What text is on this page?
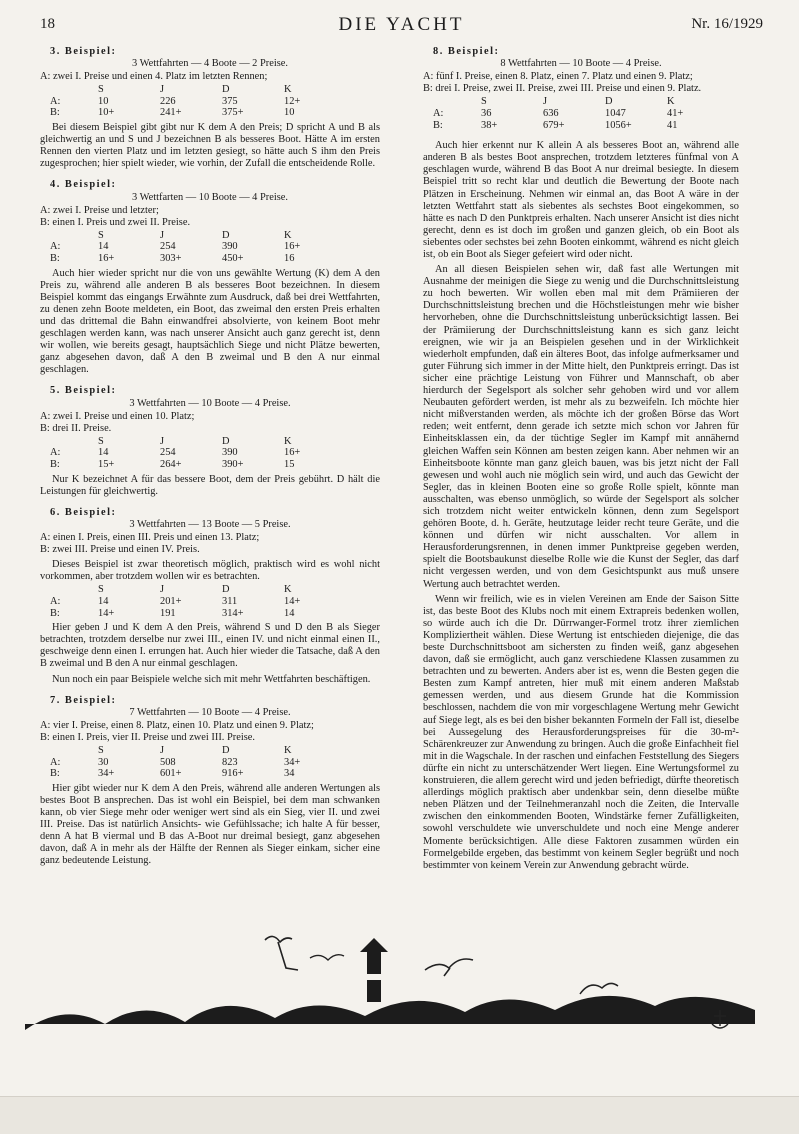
18	DIE YACHT	Nr. 16/1929
3. Beispiel:
3 Wettfahrten — 4 Boote — 2 Preise.
A: zwei I. Preise und einen 4. Platz im letzten Rennen;
	S	J	D	K
A:	10	226	375	12+
B:	10+	241+	375+	10

Bei diesem Beispiel gibt gibt nur K dem A den Preis; D spricht A und B als gleichwertig an und S und J bezeichnen B als besseres Boot. Hätte A im ersten Rennen den vierten Platz und im letzten gesiegt, so hätte auch S ihm den Preis zugesprochen; hier spielt wieder, wie vorhin, der Zufall die entscheidende Rolle.

4. Beispiel:
3 Wettfarten — 10 Boote — 4 Preise.
A: zwei I. Preise und letzter;
B: einen I. Preis und zwei II. Preise.
	S	J	D	K
A:	14	254	390	16+
B:	16+	303+	450+	16

Auch hier wieder spricht nur die von uns gewählte Wertung (K) dem A den Preis zu, während alle anderen B als besseres Boot bezeichnen. In diesem Beispiel kommt das eingangs Erwähnte zum Ausdruck, daß bei drei Wettfahrten, zu denen zehn Boote meldeten, ein Boot, das zweimal den ersten Preis erhalten und das drittemal die Bahn einwandfrei absolvierte, von keinem Boot mehr geschlagen werden kann, was nach unserer Ansicht auch ganz gerecht ist, denn wir wollen, wie bereits gesagt, hauptsächlich Siege und nicht Plätze bewerten, ganz abgesehen davon, daß A den B zweimal und B den A nur einmal geschlagen.

5. Beispiel:
3 Wettfahrten — 10 Boote — 4 Preise.
A: zwei I. Preise und einen 10. Platz;
B: drei II. Preise.
	S	J	D	K
A:	14	254	390	16+
B:	15+	264+	390+	15

Nur K bezeichnet A für das bessere Boot, dem der Preis gebührt. D hält die Leistungen für gleichwertig.

6. Beispiel:
3 Wettfahrten — 13 Boote — 5 Preise.
A: einen I. Preis, einen III. Preis und einen 13. Platz;
B: zwei III. Preise und einen IV. Preis.

Dieses Beispiel ist zwar theoretisch möglich, praktisch wird es wohl nicht vorkommen, aber trotzdem wollen wir es betrachten.

	S	J	D	K
A:	14	201+	311	14+
B:	14+	191	314+	14

Hier geben J und K dem A den Preis, während S und D den B als Sieger betrachten, trotzdem derselbe nur zwei III., einen IV. und nicht einmal einen II., geschweige denn einen I. errungen hat. Auch hier wieder die Tatsache, daß A den B zweimal und B den A nur einmal geschlagen.

Nun noch ein paar Beispiele welche sich mit mehr Wettfahrten beschäftigen.

7. Beispiel:
7 Wettfahrten — 10 Boote — 4 Preise.
A: vier I. Preise, einen 8. Platz, einen 10. Platz und einen 9. Platz;
B: einen I. Preis, vier II. Preise und zwei III. Preise.
	S	J	D	K
A:	30	508	823	34+
B:	34+	601+	916+	34

Hier gibt wieder nur K dem A den Preis, während alle anderen Wertungen als bestes Boot B ansprechen. Das ist wohl ein Beispiel, bei dem man schwanken kann, ob vier Siege mehr oder weniger wert sind als ein Sieg, vier II. und zwei III. Preise. Das ist natürlich Ansichts- wie Gefühlssache; ich halte A für besser, denn A hat B viermal und B das A-Boot nur dreimal besiegt, ganz abgesehen davon, daß A in mehr als der Hälfte der Rennen als Sieger einkam, sicher eine ganz bedeutende Leistung.

8. Beispiel:
8 Wettfahrten — 10 Boote — 4 Preise.
A: fünf I. Preise, einen 8. Platz, einen 7. Platz und einen 9. Platz;
B: drei I. Preise, zwei II. Preise, zwei III. Preise und einen 9. Platz.
	S	J	D	K
A:	36	636	1047	41+
B:	38+	679+	1056+	41

Auch hier erkennt nur K allein A als besseres Boot an, während alle anderen B als bestes Boot ansprechen, trotzdem letzteres fünfmal von A geschlagen wurde, während B das Boot A nur dreimal besiegte. In diesem Beispiel tritt so recht klar und deutlich die Bewertung der Boote nach Plätzen in Erscheinung. Nehmen wir einmal an, das Boot A wäre in der letzten Wettfahrt statt als siebentes als sechstes Boot eingekommen, so hätte es nach D den Punktpreis erhalten. Nach unserer Ansicht ist dies nicht gerecht, denn es ist doch im großen und ganzen gleich, ob ein Boot als siebentes oder sechstes bei zehn Booten einkommt, während es nicht gleich ist, ob ein Boot als Sieger gefeiert wird oder nicht.

An all diesen Beispielen sehen wir, daß fast alle Wertungen mit Ausnahme der meinigen die Siege zu wenig und die Durchschnittsleistung zu hoch bewerten. Wir wollen eben mal mit dem Prämiieren der Durchschnittsleistung brechen und die Höchstleistungen mehr wie bisher hervorheben, ohne die Durchschnittsleistung unberücksichtigt lassen. Bei der Prämiierung der Durchschnittsleistung kann es sich ganz leicht ereignen, wie wir ja an Beispielen gesehen und in der Wirklichkeit wiederholt empfunden, daß ein älteres Boot, das infolge aufmerksamer und guter Führung sich immer in der Mitte hielt, den Punktpreis erringt. Das ist sicher eine prächtige Leistung von Führer und Mannschaft, ob aber hierdurch der Segelsport als solcher sehr gehoben wird und vor allem Neubauten gefördert werden, ist mehr als zu bezweifeln. Ich möchte hier nicht mißverstanden werden, als möchte ich der großen Börse das Wort reden; weit entfernt, denn gerade ich setzte mich schon vor Jahren für Einheitsklassen ein, da der tüchtige Segler im Kampf mit annähernd gleichen Waffen sein Können am besten zeigen kann. Aber nehmen wir an Einheitsboote könnte man ganz gleich bauen, was bis jetzt nicht der Fall gewesen und wohl auch nie möglich sein wird, und auch das Gewicht der Segler, das in kleinen Booten eine so große Rolle spielt, könnte man ausschalten, was ebenso unmöglich, so würde der Segelsport als solcher sich trotzdem nicht weiter entwickeln können, denn zum Segelsport gehören Boote, d. h. Geräte, heutzutage leider recht teure Geräte, und die können und dürfen wir nicht ausschalten. Vor allem in Herausforderungsrennen, in denen immer Punktpreise gegeben werden, spielt die Bootsbaukunst dieselbe Rolle wie die Kunst der Segler, das darf nicht vergessen werden, und von dem Gesichtspunkt aus muß unsere Wertung auch betrachtet werden.

Wenn wir freilich, wie es in vielen Vereinen am Ende der Saison Sitte ist, das beste Boot des Klubs noch mit einem Extrapreis bedenken wollen, so würde auch ich die Dr. Dürrwanger-Formel trotz ihrer ziemlichen Kompliziertheit wählen. Diese Wertung ist entschieden diejenige, die das beste Durchschnittsboot am sichersten zu finden weiß, ganz abgesehen davon, daß sie ermöglicht, auch ganz verschiedene Klassen zusammen zu betrachten und zu bewerten. Anders aber ist es, wenn die Besten gegen die Besten zum Kampf antreten, hier muß mit einem anderen Maßstab gemessen werden, und aus diesem Grunde hat die Kommission beschlossen, nachdem die von mir vorgeschlagene Wertung mehr Gewicht auf Siege legt, als es bei den bisher bekannten Formeln der Fall ist, dieselbe bei Aussegelung des Herausforderungspreises für die 30-m²-Schärenkreuzer zur Anwendung zu bringen. Auch die große Einfachheit fiel mit in die Wagschale. In der raschen und einfachen Feststellung des Siegers dürfte ein nicht zu unterschätzender Wert liegen. Eine Wertungsformel zu konstruieren, die allem gerecht wird und jeden befriedigt, dürfte theoretisch allerdings möglich praktisch aber undenkbar sein, denn dieselbe müßte neben Plätzen und der Teilnehmeranzahl noch die Zeiten, die Intervalle zwischen den einkommenden Booten, Windstärke ferner Zufälligkeiten, sowohl verschuldete wie unverschuldete und noch eine Menge anderer Momente berücksichtigen. Alle diese Faktoren zusammen würden ein Formelgebilde ergeben, das bestimmt von keinem Segler begrüßt und noch bestimmter von keinem Verein zur Anwendung gebracht würde.
